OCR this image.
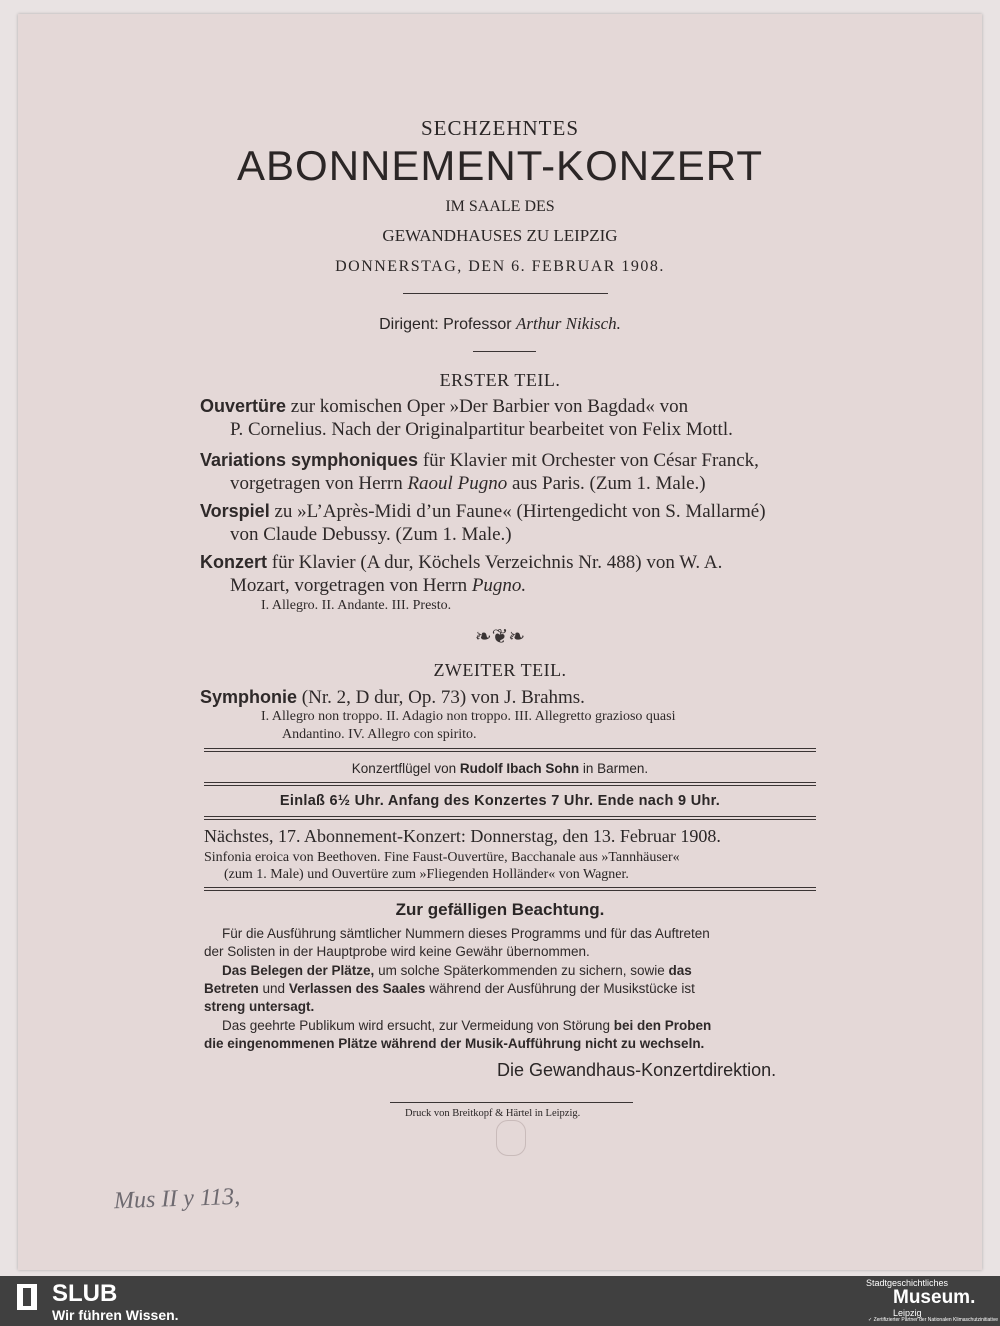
SECHZEHNTES
ABONNEMENT-KONZERT
IM SAALE DES
GEWANDHAUSES ZU LEIPZIG
DONNERSTAG, DEN 6. FEBRUAR 1908.
Dirigent: Professor Arthur Nikisch.
ERSTER TEIL.
Ouvertüre zur komischen Oper »Der Barbier von Bagdad« von
P. Cornelius. Nach der Originalpartitur bearbeitet von Felix Mottl.
Variations symphoniques für Klavier mit Orchester von César Franck,
vorgetragen von Herrn Raoul Pugno aus Paris. (Zum 1. Male.)
Vorspiel zu »L’Après-Midi d’un Faune« (Hirtengedicht von S. Mallarmé)
von Claude Debussy. (Zum 1. Male.)
Konzert für Klavier (A dur, Köchels Verzeichnis Nr. 488) von W. A.
Mozart, vorgetragen von Herrn Pugno.
I. Allegro. II. Andante. III. Presto.
❧❦❧
ZWEITER TEIL.
Symphonie (Nr. 2, D dur, Op. 73) von J. Brahms.
I. Allegro non troppo. II. Adagio non troppo. III. Allegretto grazioso quasi
Andantino. IV. Allegro con spirito.
Konzertflügel von Rudolf Ibach Sohn in Barmen.
Einlaß 6½ Uhr. Anfang des Konzertes 7 Uhr. Ende nach 9 Uhr.
Nächstes, 17. Abonnement-Konzert: Donnerstag, den 13. Februar 1908.
Sinfonia eroica von Beethoven. Fine Faust-Ouvertüre, Bacchanale aus »Tannhäuser«
(zum 1. Male) und Ouvertüre zum »Fliegenden Holländer« von Wagner.
Zur gefälligen Beachtung.
Für die Ausführung sämtlicher Nummern dieses Programms und für das Auftreten
der Solisten in der Hauptprobe wird keine Gewähr übernommen.
Das Belegen der Plätze, um solche Späterkommenden zu sichern, sowie das
Betreten und Verlassen des Saales während der Ausführung der Musikstücke ist
streng untersagt.
Das geehrte Publikum wird ersucht, zur Vermeidung von Störung bei den Proben
die eingenommenen Plätze während der Musik-Aufführung nicht zu wechseln.
Die Gewandhaus-Konzertdirektion.
Druck von Breitkopf & Härtel in Leipzig.
Mus II y 113,
SLUB
Wir führen Wissen.
Stadtgeschichtliches
Museum.
Leipzig
✓ Zertifizierter Partner der Nationalen Klimaschutzinitiative
